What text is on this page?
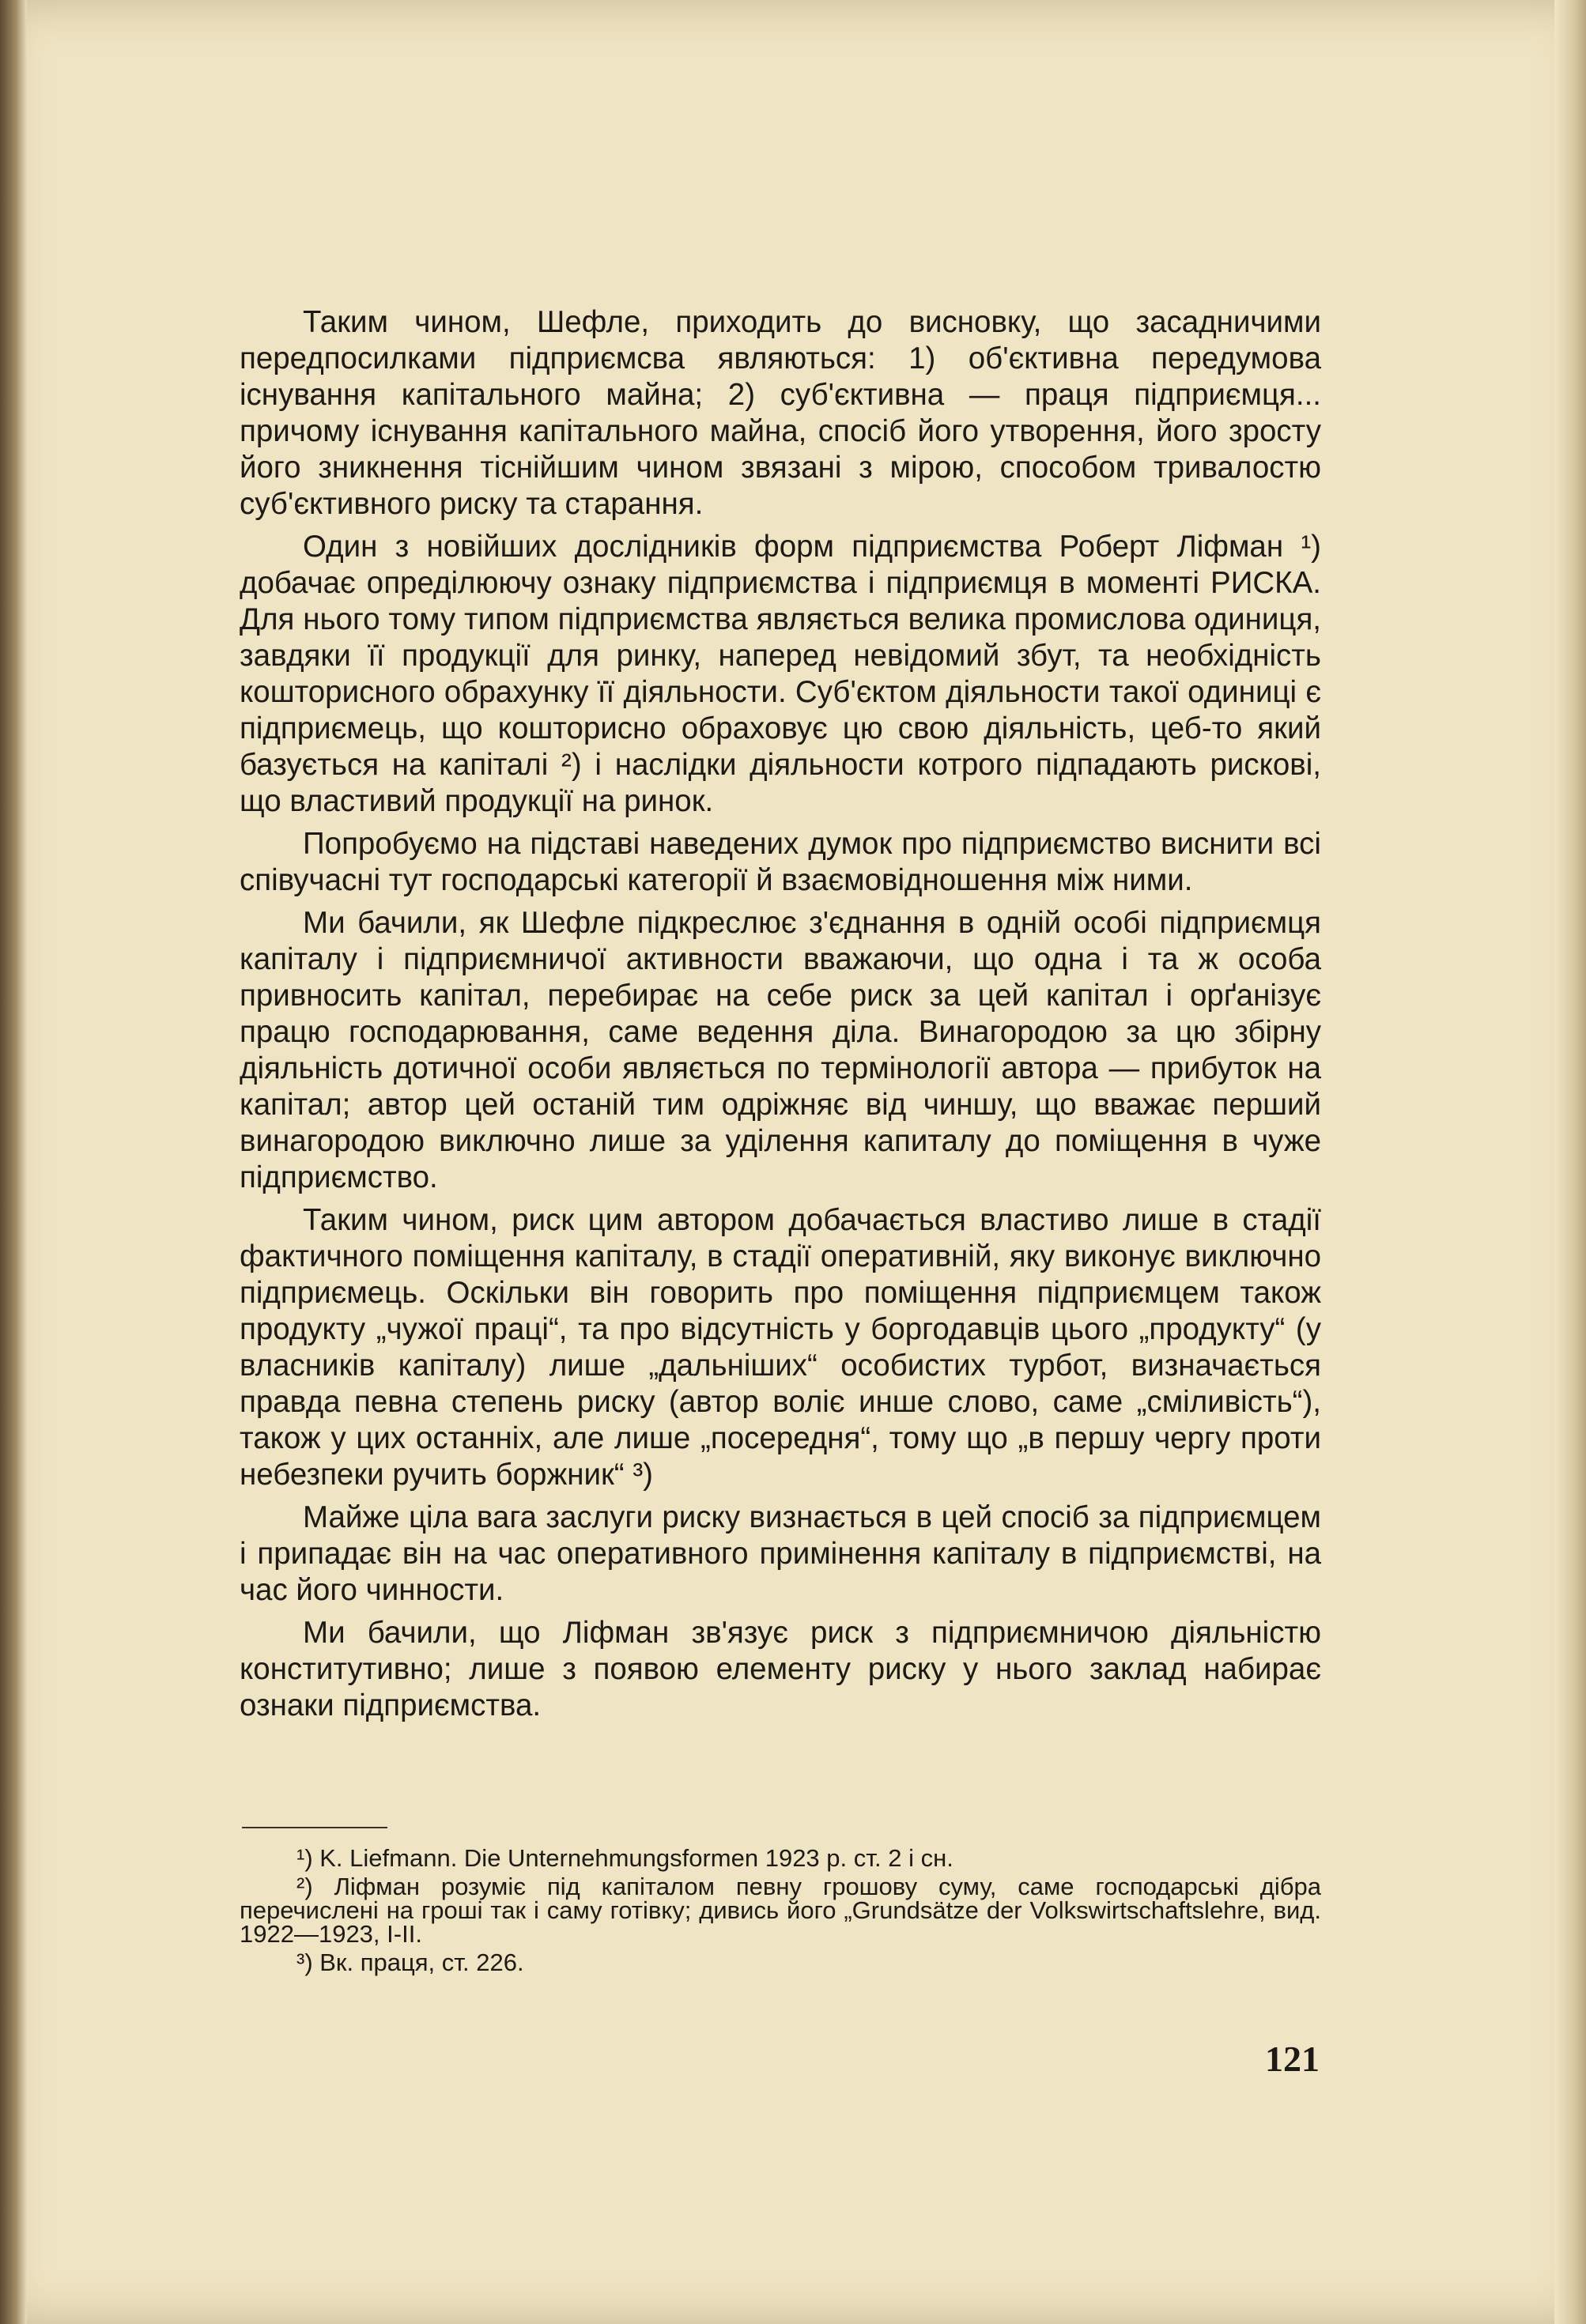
Таким чином, Шефле, приходить до висновку, що засадничими передпосилками підприємсва являються: 1) об'єктивна передумова існування капітального майна; 2) суб'єктивна — праця підприємця... причому існування капітального майна, спосіб його утворення, його зросту його зникнення тіснійшим чином звязані з мірою, способом тривалостю суб'єктивного риску та старання.

Один з новійших дослідників форм підприємства Роберт Ліфман ¹) добачає опреділюючу ознаку підприємства і підприємця в моменті РИСКА. Для нього тому типом підприємства являється велика промислова одиниця, завдяки її продукції для ринку, наперед невідомий збут, та необхідність кошторисного обрахунку її діяльности. Суб'єктом діяльности такої одиниці є підприємець, що кошторисно обраховує цю свою діяльність, цеб-то який базується на капіталі ²) і наслідки діяльности котрого підпадають рискові, що властивий продукції на ринок.

Попробуємо на підставі наведених думок про підприємство виснити всі співучасні тут господарські категорії й взаємовідношення між ними.

Ми бачили, як Шефле підкреслює з'єднання в одній особі підприємця капіталу і підприємничої активности вважаючи, що одна і та ж особа привносить капітал, перебирає на себе риск за цей капітал і орґанізує працю господарювання, саме ведення діла. Винагородою за цю збірну діяльність дотичної особи являється по термінології автора — прибуток на капітал; автор цей останій тим одріжняє від чиншу, що вважає перший винагородою виключно лише за уділення капиталу до поміщення в чуже підприємство.

Таким чином, риск цим автором добачається властиво лише в стадії фактичного поміщення капіталу, в стадії оперативній, яку виконує виключно підприємець. Оскільки він говорить про поміщення підприємцем також продукту „чужої праці“, та про відсутність у боргодавців цього „продукту“ (у власників капіталу) лише „дальніших“ особистих турбот, визначається правда певна степень риску (автор воліє инше слово, саме „сміливість“), також у цих останніх, але лише „посередня“, тому що „в першу чергу проти небезпеки ручить боржник“ ³)

Майже ціла вага заслуги риску визнається в цей спосіб за підприємцем і припадає він на час оперативного примінення капіталу в підприємстві, на час його чинности.

Ми бачили, що Ліфман зв'язує риск з підприємничою діяльністю конститутивно; лише з появою елементу риску у нього заклад набирає ознаки підприємства.

¹) K. Liefmann. Die Unternehmungsformen 1923 р. ст. 2 і сн.

²) Ліфман розуміє під капіталом певну грошову суму, саме господарські дібра перечислені на гроші так і саму готівку; дивись його „Grundsätze der Volkswirtschaftslehre, вид. 1922—1923, I-II.

³) Вк. праця, ст. 226.

121
